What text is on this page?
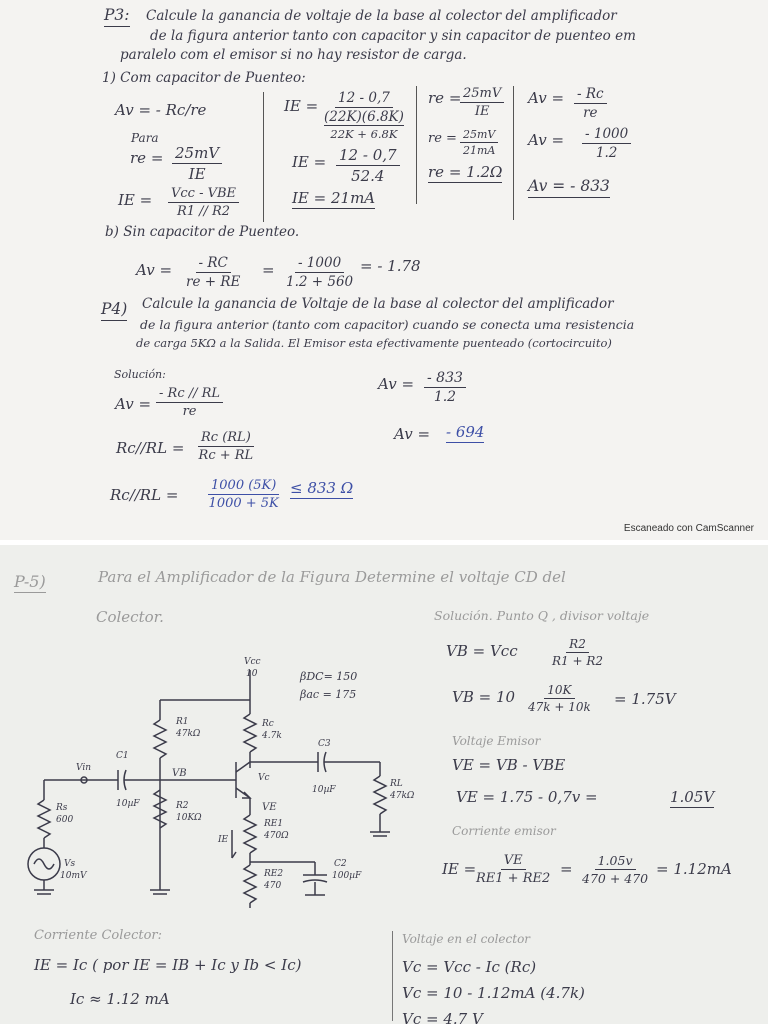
P3: Calcule la ganancia de voltaje de la base al colector del amplificador
de la figura anterior tanto con capacitor y sin capacitor de puenteo em
paralelo com el emisor si no hay resistor de carga.
1) Com capacitor de Puenteo:
Av = - Rc/re
Para
re = $\frac{25mV}{IE}$
IE = Vcc - VBE
R1 // R2
IE = 12 - 0,7
(22K)(6.8K)
22K + 6.8K
IE = $\frac{12 - 0,7}{52.4}$
IE = 21mA
re =
$\frac{25mV}{IE}$
re = $\frac{25mV}{21mA}$
re = 1.2Ω
$Av = \frac{- Rc}{re}$
$Av = \frac{- 1000}{1.2}$
Av = - 833
b) Sin capacitor de Puenteo.
$Av = \frac{- RC}{re + RE} = \frac{- 1000}{1.2 + 560}$ = - 1.78
P4) Calcule la ganancia de Voltaje de la base al colector del amplificador
de la figura anterior (tanto com capacitor) cuando se conecta uma resistencia
de carga 5KΩ a la Salida. El Emisor esta efectivamente puenteado (cortocircuito)
Solución:
$Av = \frac{- Rc // RL}{re}$
$Rc//RL = \frac{Rc (RL)}{Rc + RL}$
$Rc//RL = \frac{1000 (5K)}{1000 + 5K} \le 833$ Ω
$Av = \frac{- 833}{1.2}$
Av = - 694
Escaneado con CamScanner
P-5)	Para el Amplificador de la Figura Determine el voltaje CD del
Colector.	Solución. Punto Q , divisor voltaje
VB = Vcc	$\frac{R2}{R1 + R2}$
VB = $10 \frac{10K}{47k + 10k} = 1.75V$
Voltaje Emisor
VE = VB - VBE
VE = 1.75 - 0,7v =	1.05V
Corriente emisor
IE = $\frac{VE}{RE1 + RE2} = \frac{1.05v}{470 + 470} = 1.12mA$
Corriente Colector:
IE = Ic ( por IE = IB + Ic y Ib < Ic)
Ic ≈ 1.12 mA
Voltaje en el colector
Vc = Vcc - Ic (Rc)
Vc = 10 - 1.12mA (4.7k)
Vc = 4.7 V
Vcc
10	βDC= 150
βac = 175
R1
47kΩ
Rc
4.7k
C3
10µF
RL
47kΩ
Vin
C1
10µF
VB	Vc
VE
RE1
470Ω
R2
10KΩ
IE
Rs
600
Vs
10mV	RE2
470
C2
100µF
